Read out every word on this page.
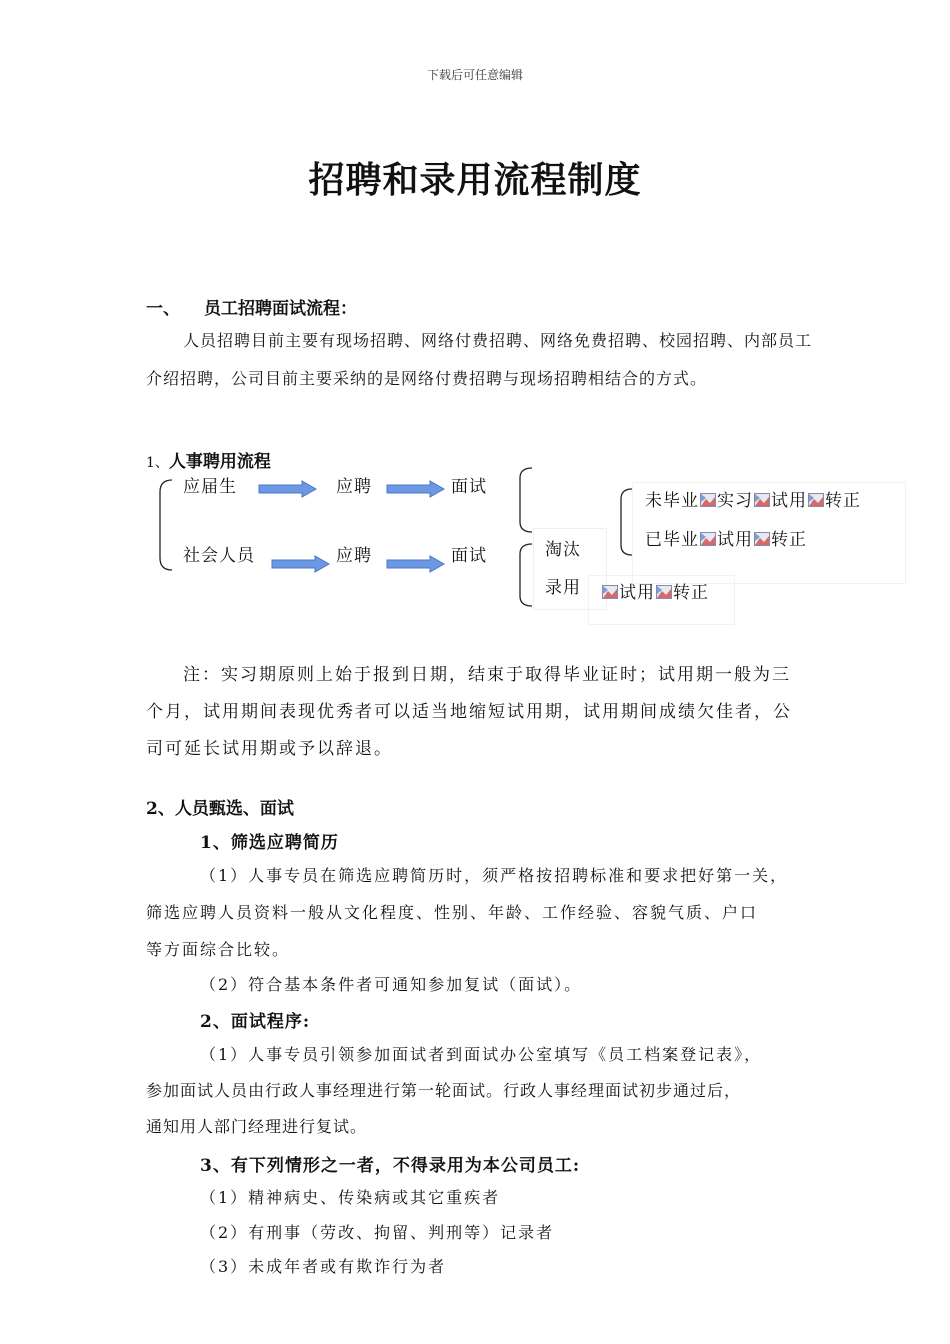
下载后可任意编辑
招聘和录用流程制度
一、 员工招聘面试流程：
人员招聘目前主要有现场招聘、网络付费招聘、网络免费招聘、校园招聘、内部员工
介绍招聘，公司目前主要采纳的是网络付费招聘与现场招聘相结合的方式。
1、人事聘用流程
应届生
社会人员
应聘	面试
应聘	面试	淘汰
录用
未毕业 实习 试用 转正
已毕业 试用 转正
试用 转正
注：实习期原则上始于报到日期，结束于取得毕业证时；试用期一般为三
个月，试用期间表现优秀者可以适当地缩短试用期，试用期间成绩欠佳者，公
司可延长试用期或予以辞退。
2、人员甄选、面试
1、筛选应聘简历
（1）人事专员在筛选应聘简历时，须严格按招聘标准和要求把好第一关，
筛选应聘人员资料一般从文化程度、性别、年龄、工作经验、容貌气质、户口
等方面综合比较。
（2）符合基本条件者可通知参加复试（面试）。
2、面试程序:
（1）人事专员引领参加面试者到面试办公室填写《员工档案登记表》，
参加面试人员由行政人事经理进行第一轮面试。行政人事经理面试初步通过后，
通知用人部门经理进行复试。
3、有下列情形之一者，不得录用为本公司员工:
（1）精神病史、传染病或其它重疾者
（2）有刑事（劳改、拘留、判刑等）记录者
（3）未成年者或有欺诈行为者
